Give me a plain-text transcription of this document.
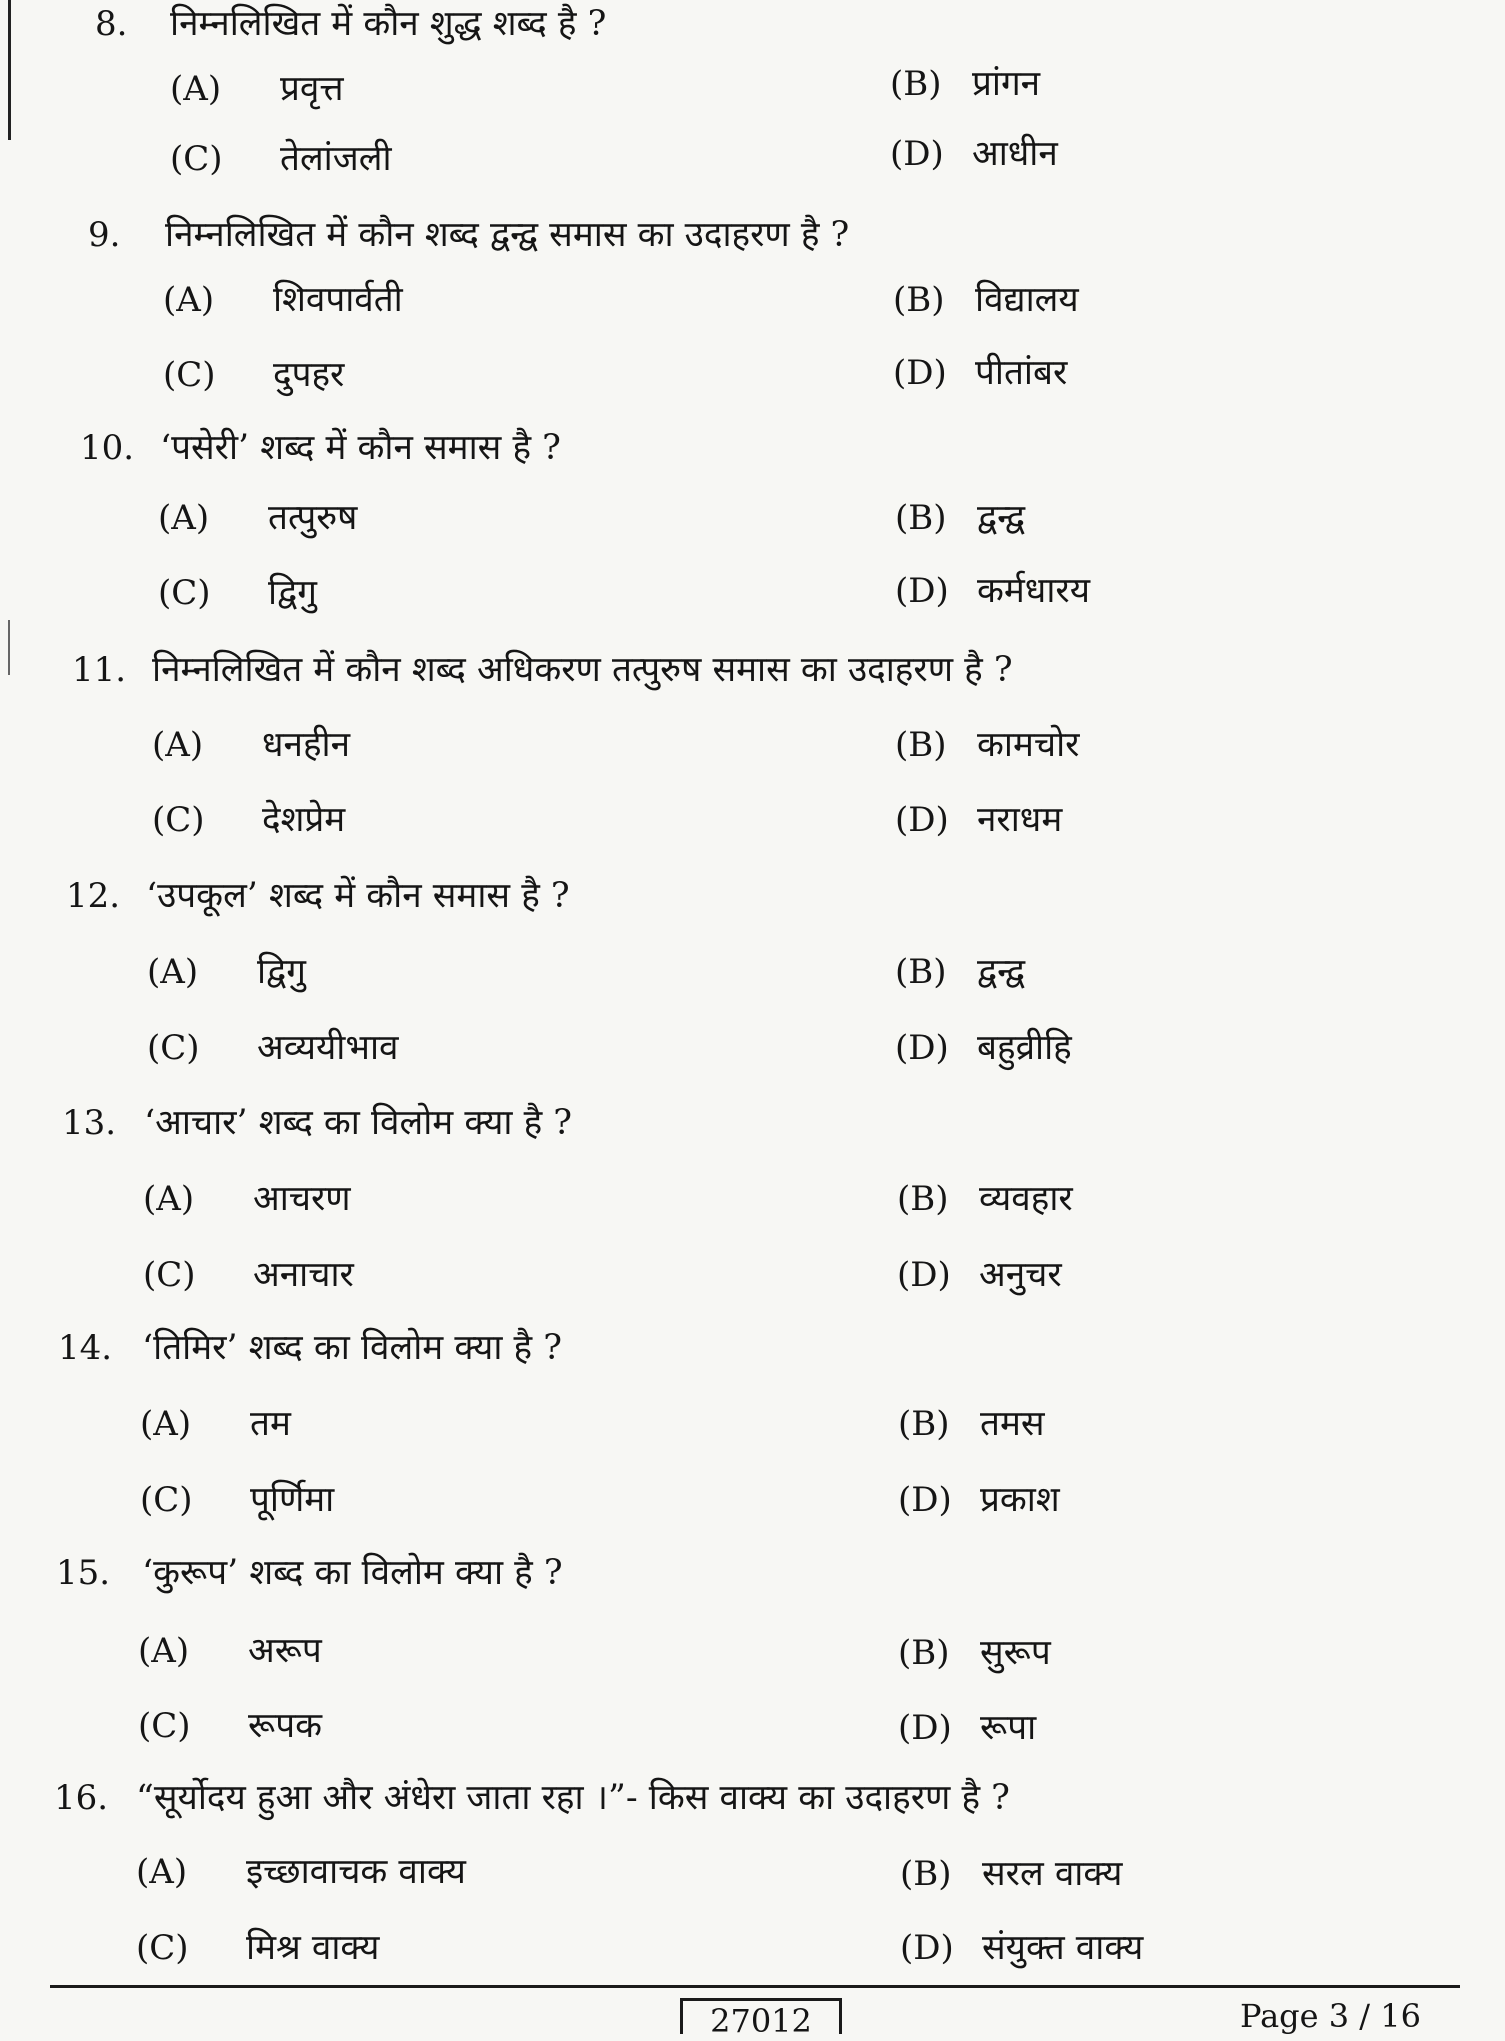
8. निम्नलिखित में कौन शुद्ध शब्द है ?
(A) प्रवृत्त	(B) प्रांगन
(C) तेलांजली	(D) आधीन
9. निम्नलिखित में कौन शब्द द्वन्द्व समास का उदाहरण है ?
(A) शिवपार्वती	(B) विद्यालय
(C) दुपहर	(D) पीतांबर
10. ‘पसेरी’ शब्द में कौन समास है ?
(A) तत्पुरुष	(B) द्वन्द्व
(C) द्विगु	(D) कर्मधारय
11. निम्नलिखित में कौन शब्द अधिकरण तत्पुरुष समास का उदाहरण है ?
(A) धनहीन	(B) कामचोर
(C) देशप्रेम	(D) नराधम
12. ‘उपकूल’ शब्द में कौन समास है ?
(A) द्विगु	(B) द्वन्द्व
(C) अव्ययीभाव	(D) बहुव्रीहि
13. ‘आचार’ शब्द का विलोम क्या है ?
(A) आचरण	(B) व्यवहार
(C) अनाचार	(D) अनुचर
14. ‘तिमिर’ शब्द का विलोम क्या है ?
(A) तम	(B) तमस
(C) पूर्णिमा	(D) प्रकाश
15. ‘कुरूप’ शब्द का विलोम क्या है ?
(A) अरूप	(B) सुरूप
(C) रूपक	(D) रूपा
16. “सूर्योदय हुआ और अंधेरा जाता रहा ।”- किस वाक्य का उदाहरण है ?
(A) इच्छावाचक वाक्य	(B) सरल वाक्य
(C) मिश्र वाक्य	(D) संयुक्त वाक्य
27012	Page 3 / 16
